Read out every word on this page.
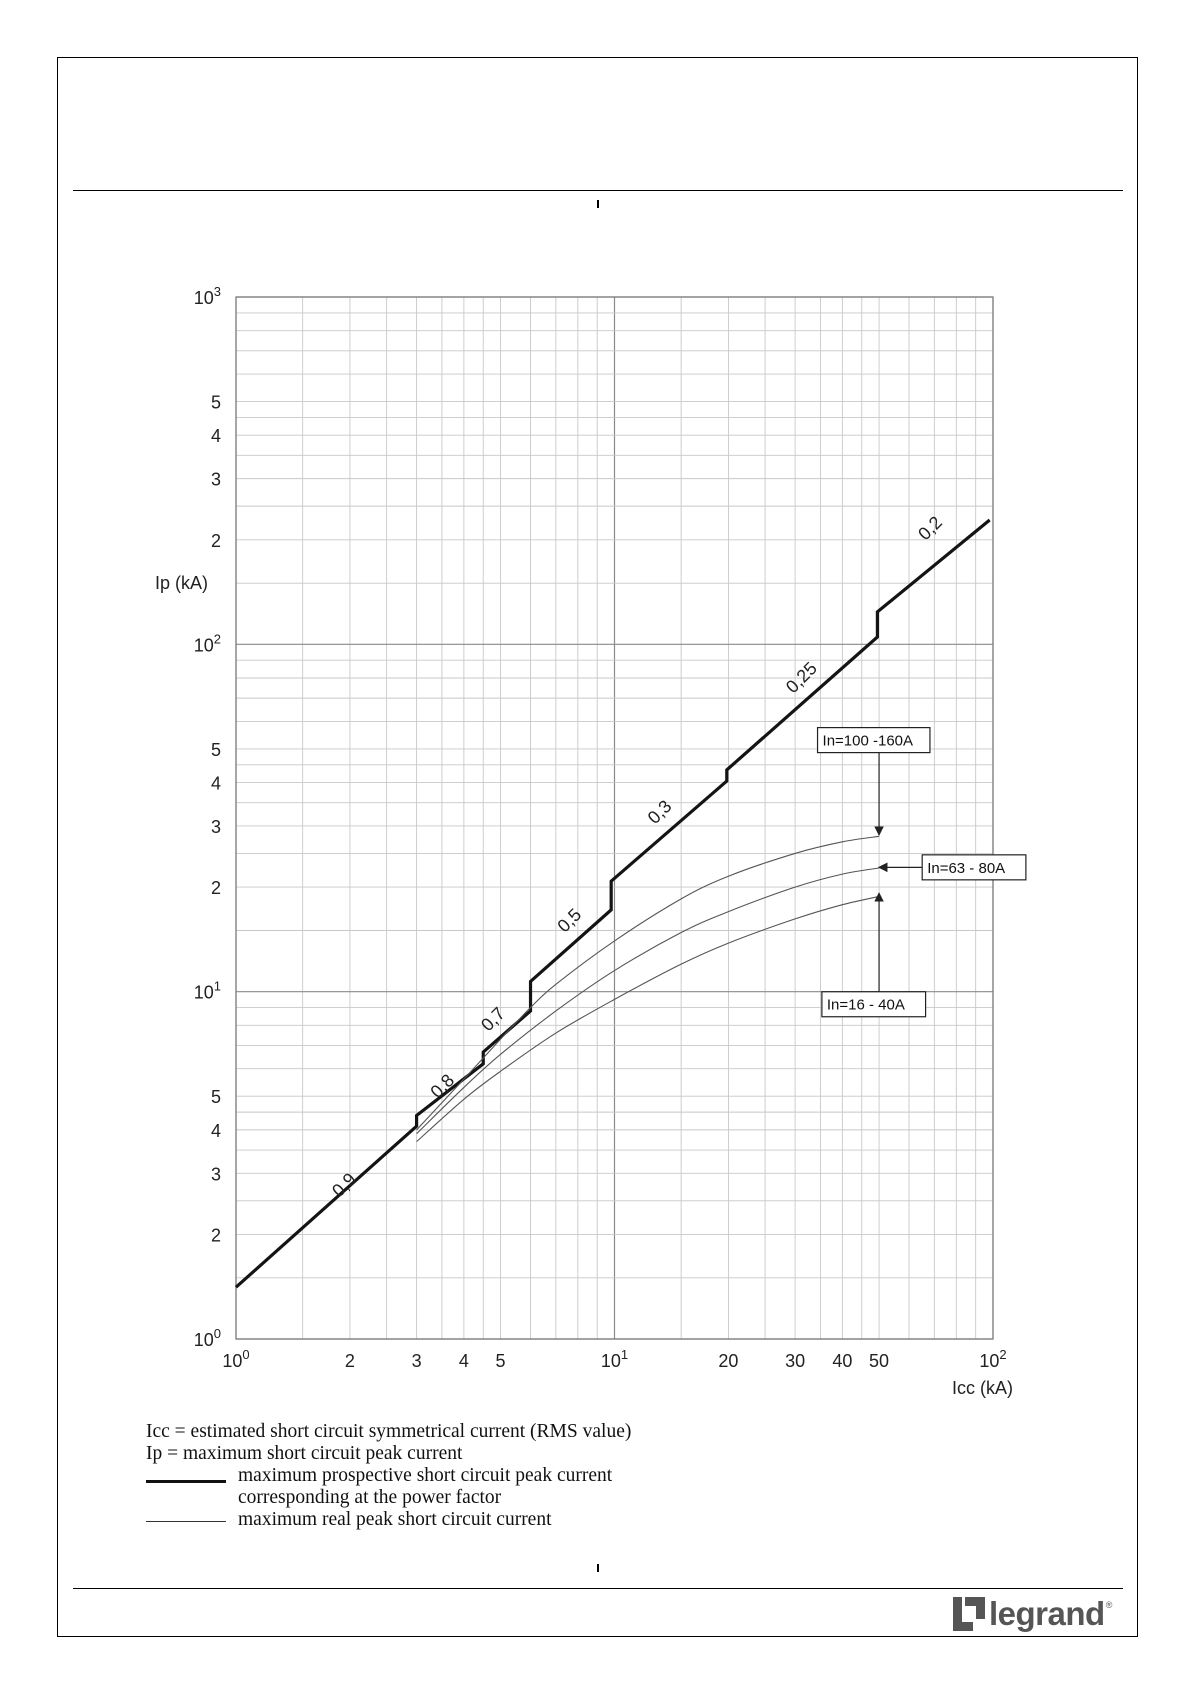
$10^0$	2	3 4 5	$10^1$	20	30 40 50	$10^2$
$10^0$
2
3
4
5
$10^1$
2
3
4
5
$10^2$
2
3
4
5
$10^3$
Icc (kA)
Ip (kA)
0,9
0,8
0,7
0,5
0,3
0,25
0,2
In=100 -160A
In=63 - 80A
In=16 - 40A
Icc = estimated short circuit symmetrical current (RMS value)
Ip = maximum short circuit peak current
maximum prospective short circuit peak current
corresponding at the power factor
maximum real peak short circuit current
legrand ®
